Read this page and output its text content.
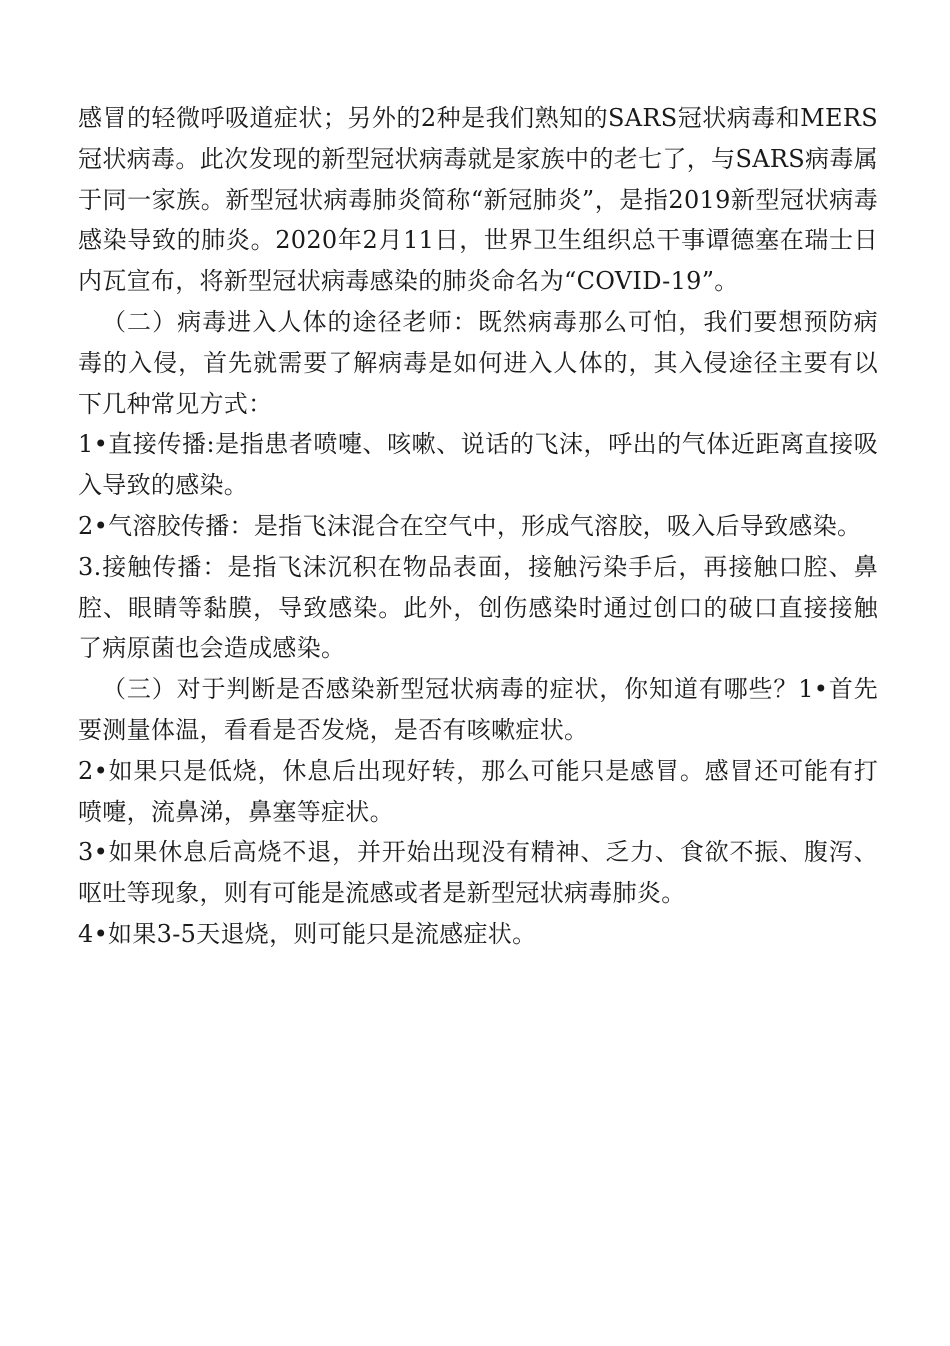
感冒的轻微呼吸道症状；另外的2种是我们熟知的SARS冠状病毒和MERS冠状病毒。此次发现的新型冠状病毒就是家族中的老七了，与SARS病毒属于同一家族。新型冠状病毒肺炎简称“新冠肺炎”，是指2019新型冠状病毒感染导致的肺炎。2020年2月11日，世界卫生组织总干事谭德塞在瑞士日内瓦宣布，将新型冠状病毒感染的肺炎命名为“COVID-19”。

（二）病毒进入人体的途径老师：既然病毒那么可怕，我们要想预防病毒的入侵，首先就需要了解病毒是如何进入人体的，其入侵途径主要有以下几种常见方式：

1•直接传播:是指患者喷嚏、咳嗽、说话的飞沫，呼出的气体近距离直接吸入导致的感染。

2•气溶胶传播：是指飞沫混合在空气中，形成气溶胶，吸入后导致感染。

3.接触传播：是指飞沫沉积在物品表面，接触污染手后，再接触口腔、鼻腔、眼睛等黏膜，导致感染。此外，创伤感染时通过创口的破口直接接触了病原菌也会造成感染。

（三）对于判断是否感染新型冠状病毒的症状，你知道有哪些？1•首先要测量体温，看看是否发烧，是否有咳嗽症状。

2•如果只是低烧，休息后出现好转，那么可能只是感冒。感冒还可能有打喷嚏，流鼻涕，鼻塞等症状。

3•如果休息后高烧不退，并开始出现没有精神、乏力、食欲不振、腹泻、呕吐等现象，则有可能是流感或者是新型冠状病毒肺炎。

4•如果3-5天退烧，则可能只是流感症状。
